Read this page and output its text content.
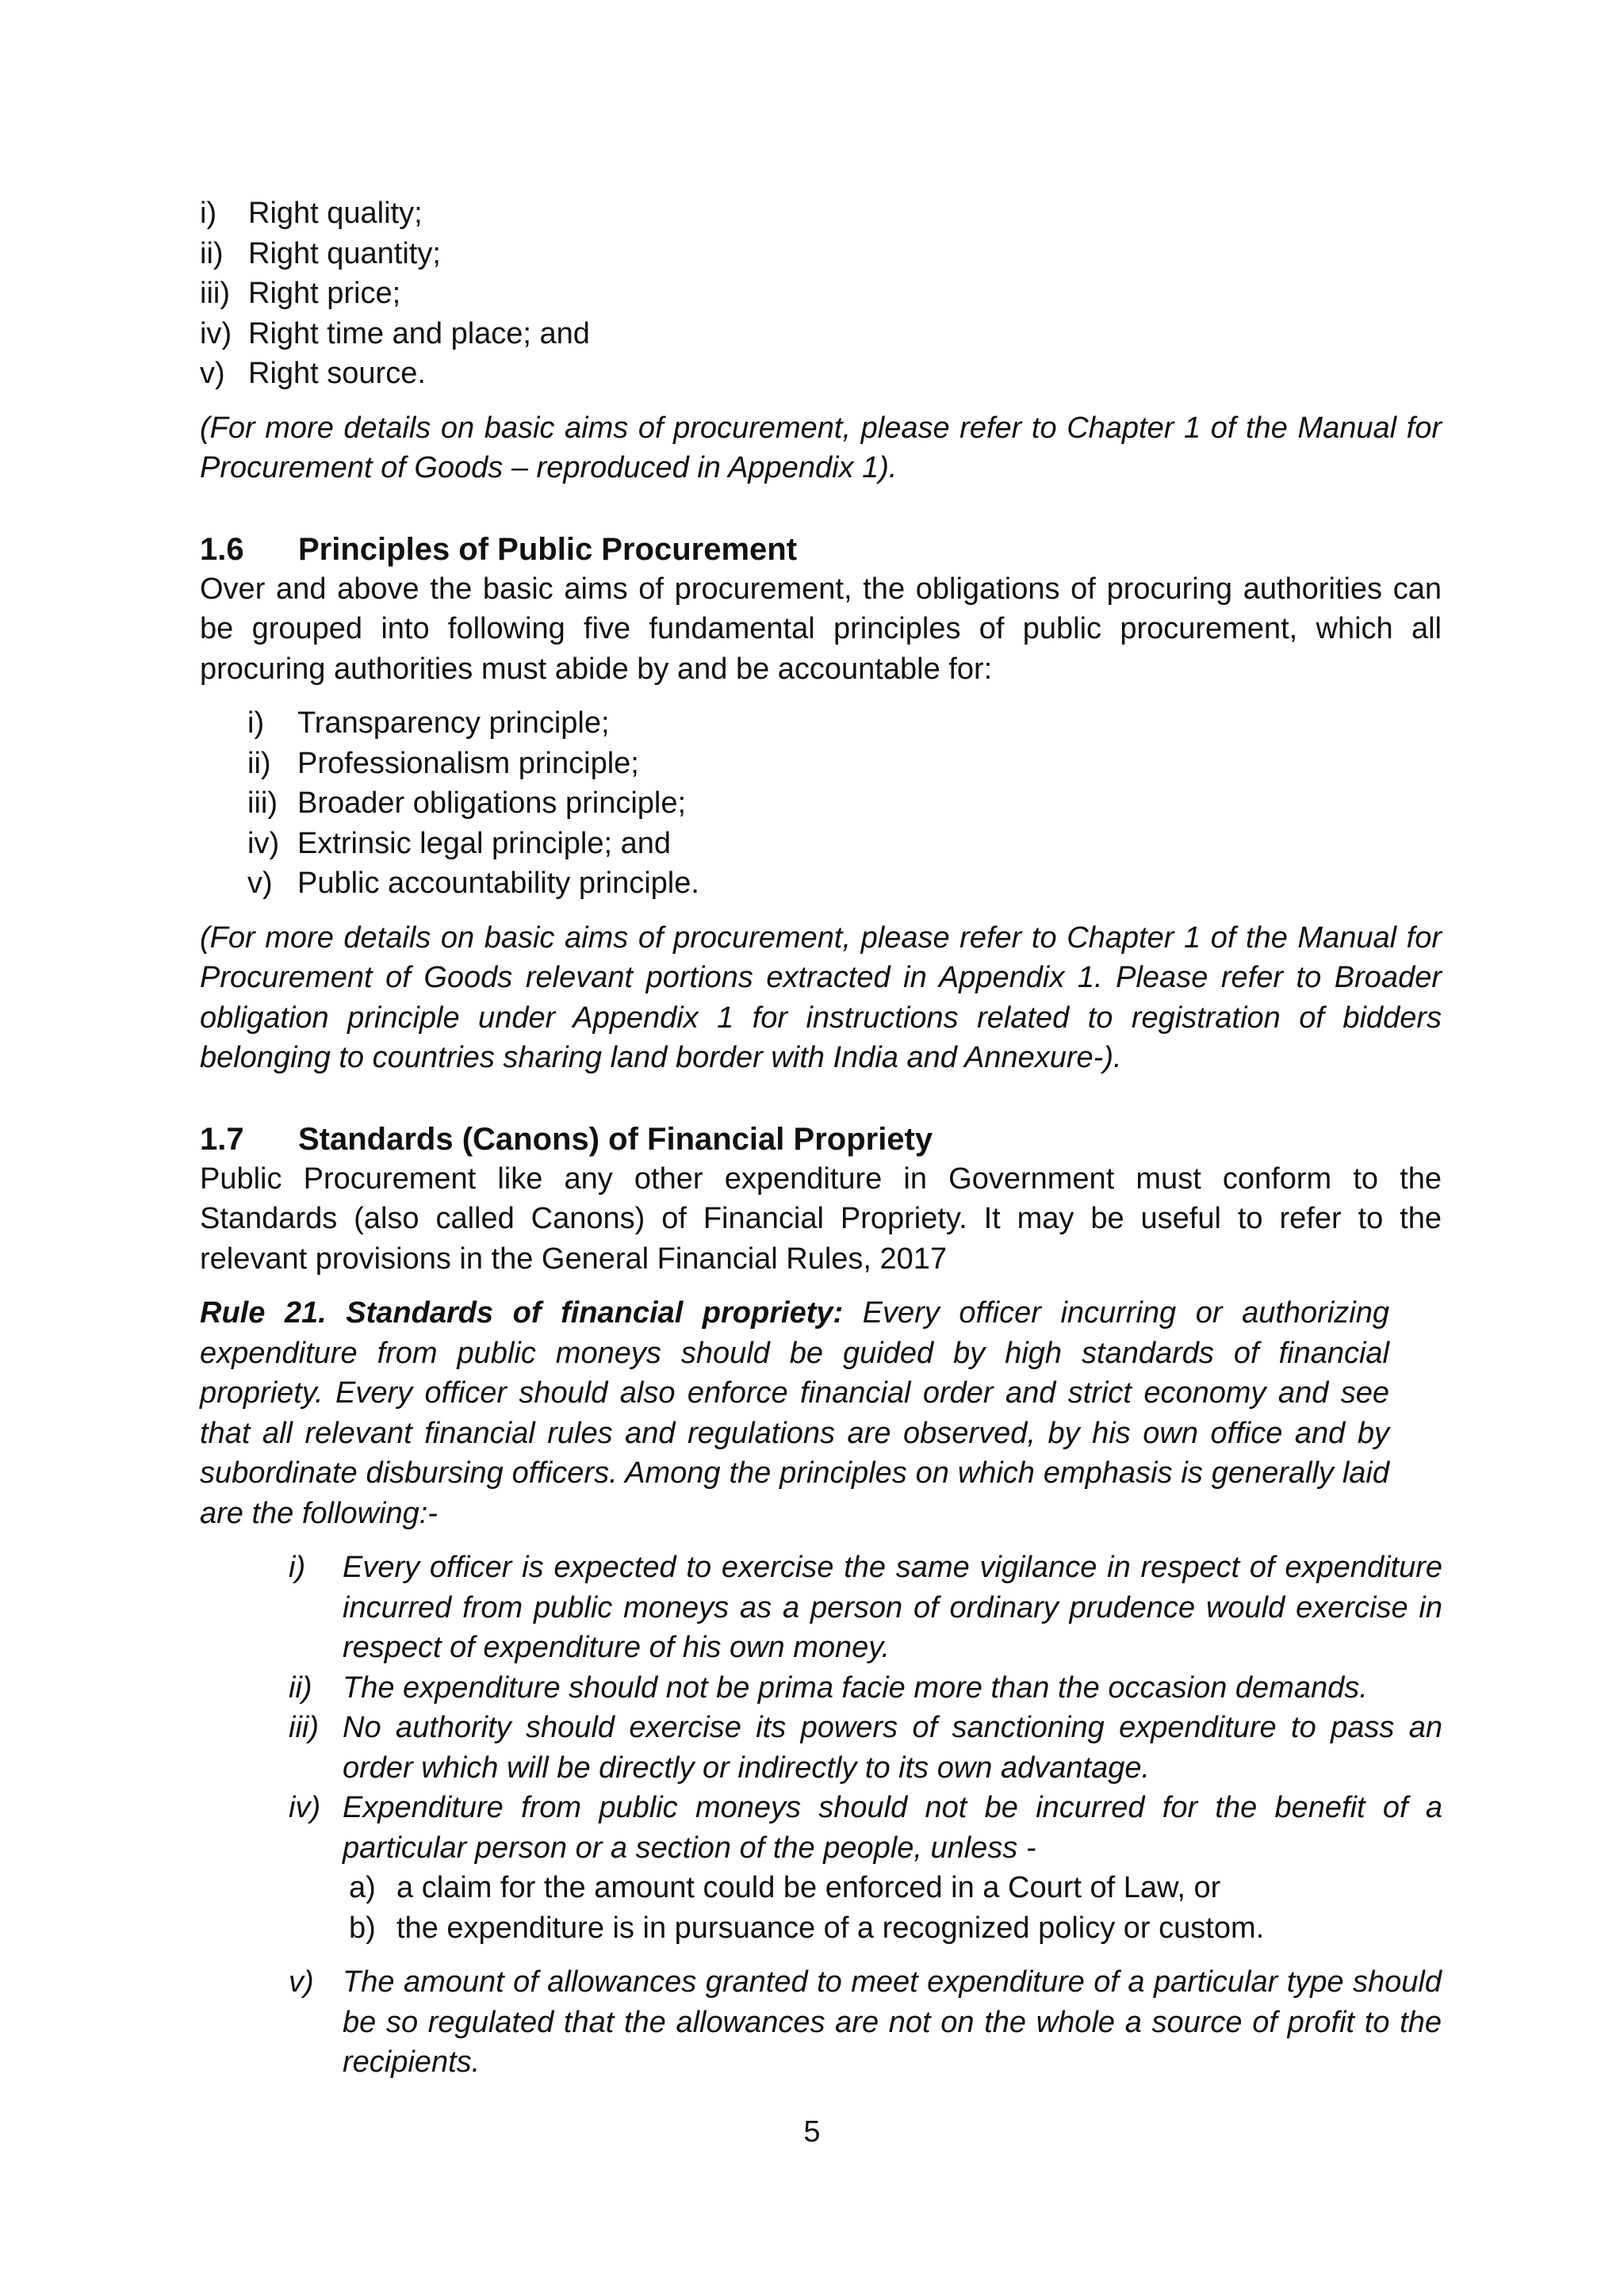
i)	Right quality;
ii) Right quantity;
iii) Right price;
iv) Right time and place; and
v) Right source.

(For more details on basic aims of procurement, please refer to Chapter 1 of the Manual for Procurement of Goods – reproduced in Appendix 1).

1.6	Principles of Public Procurement

Over and above the basic aims of procurement, the obligations of procuring authorities can be grouped into following five fundamental principles of public procurement, which all procuring authorities must abide by and be accountable for:

i)	Transparency principle;
ii) Professionalism principle;
iii) Broader obligations principle;
iv) Extrinsic legal principle; and
v) Public accountability principle.

(For more details on basic aims of procurement, please refer to Chapter 1 of the Manual for Procurement of Goods relevant portions extracted in Appendix 1. Please refer to Broader obligation principle under Appendix 1 for instructions related to registration of bidders belonging to countries sharing land border with India and Annexure-).

1.7	Standards (Canons) of Financial Propriety

Public Procurement like any other expenditure in Government must conform to the Standards (also called Canons) of Financial Propriety. It may be useful to refer to the relevant provisions in the General Financial Rules, 2017

Rule 21. Standards of financial propriety: Every officer incurring or authorizing expenditure from public moneys should be guided by high standards of financial propriety. Every officer should also enforce financial order and strict economy and see that all relevant financial rules and regulations are observed, by his own office and by subordinate disbursing officers. Among the principles on which emphasis is generally laid are the following:-

i)	Every officer is expected to exercise the same vigilance in respect of expenditure incurred from public moneys as a person of ordinary prudence would exercise in respect of expenditure of his own money.
ii)	The expenditure should not be prima facie more than the occasion demands.
iii) No authority should exercise its powers of sanctioning expenditure to pass an order which will be directly or indirectly to its own advantage.
iv) Expenditure from public moneys should not be incurred for the benefit of a particular person or a section of the people, unless -
a) a claim for the amount could be enforced in a Court of Law, or
b) the expenditure is in pursuance of a recognized policy or custom.
v) The amount of allowances granted to meet expenditure of a particular type should be so regulated that the allowances are not on the whole a source of profit to the recipients.
5
